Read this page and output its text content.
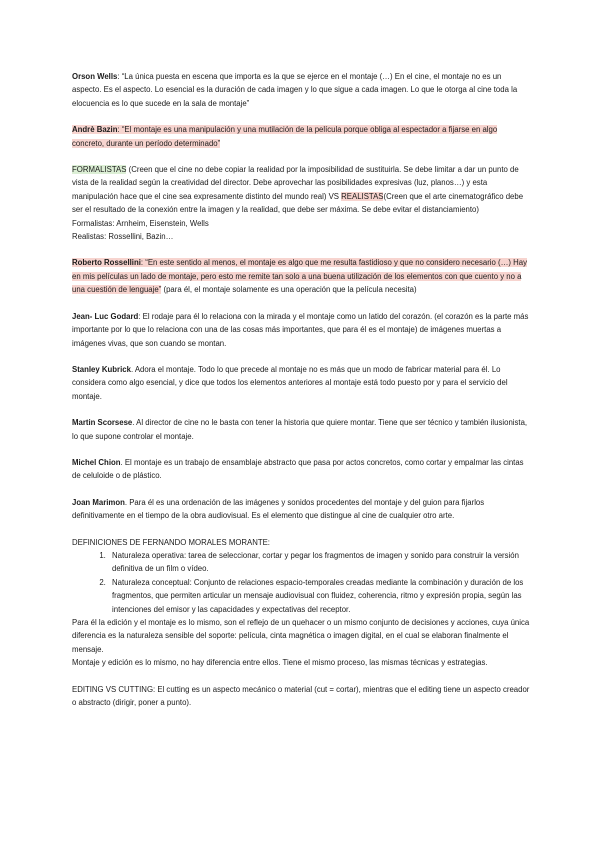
Orson Wells: “La única puesta en escena que importa es la que se ejerce en el montaje (…) En el cine, el montaje no es un aspecto. Es el aspecto. Lo esencial es la duración de cada imagen y lo que sigue a cada imagen. Lo que le otorga al cine toda la elocuencia es lo que sucede en la sala de montaje”

Andrè Bazin: “El montaje es una manipulación y una mutilación de la película porque obliga al espectador a fijarse en algo concreto, durante un período determinado”

FORMALISTAS (Creen que el cine no debe copiar la realidad por la imposibilidad de sustituirla. Se debe limitar a dar un punto de vista de la realidad según la creatividad del director. Debe aprovechar las posibilidades expresivas (luz, planos…) y esta manipulación hace que el cine sea expresamente distinto del mundo real) VS REALISTAS(Creen que el arte cinematográfico debe ser el resultado de la conexión entre la imagen y la realidad, que debe ser máxima. Se debe evitar el distanciamiento)

Formalistas: Arnheim, Eisenstein, Wells

Realistas: Rossellini, Bazin…

Roberto Rossellini: “En este sentido al menos, el montaje es algo que me resulta fastidioso y que no considero necesario (…) Hay en mis películas un lado de montaje, pero esto me remite tan solo a una buena utilización de los elementos con que cuento y no a una cuestión de lenguaje” (para él, el montaje solamente es una operación que la película necesita)

Jean- Luc Godard: El rodaje para él lo relaciona con la mirada y el montaje como un latido del corazón. (el corazón es la parte más importante por lo que lo relaciona con una de las cosas más importantes, que para él es el montaje) de imágenes muertas a imágenes vivas, que son cuando se montan.

Stanley Kubrick. Adora el montaje. Todo lo que precede al montaje no es más que un modo de fabricar material para él. Lo considera como algo esencial, y dice que todos los elementos anteriores al montaje está todo puesto por y para el servicio del montaje.

Martin Scorsese. Al director de cine no le basta con tener la historia que quiere montar. Tiene que ser técnico y también ilusionista, lo que supone controlar el montaje.

Michel Chion. El montaje es un trabajo de ensamblaje abstracto que pasa por actos concretos, como cortar y empalmar las cintas de celuloide o de plástico.

Joan Marimon. Para él es una ordenación de las imágenes y sonidos procedentes del montaje y del guion para fijarlos definitivamente en el tiempo de la obra audiovisual. Es el elemento que distingue al cine de cualquier otro arte.

DEFINICIONES DE FERNANDO MORALES MORANTE:
1. Naturaleza operativa: tarea de seleccionar, cortar y pegar los fragmentos de imagen y sonido para construir la versión definitiva de un film o vídeo.
2. Naturaleza conceptual: Conjunto de relaciones espacio-temporales creadas mediante la combinación y duración de los fragmentos, que permiten articular un mensaje audiovisual con fluidez, coherencia, ritmo y expresión propia, según las intenciones del emisor y las capacidades y expectativas del receptor.
Para él la edición y el montaje es lo mismo, son el reflejo de un quehacer o un mismo conjunto de decisiones y acciones, cuya única diferencia es la naturaleza sensible del soporte: película, cinta magnética o imagen digital, en el cual se elaboran finalmente el mensaje.

Montaje y edición es lo mismo, no hay diferencia entre ellos. Tiene el mismo proceso, las mismas técnicas y estrategias.

EDITING VS CUTTING: El cutting es un aspecto mecánico o material (cut = cortar), mientras que el editing tiene un aspecto creador o abstracto (dirigir, poner a punto).
